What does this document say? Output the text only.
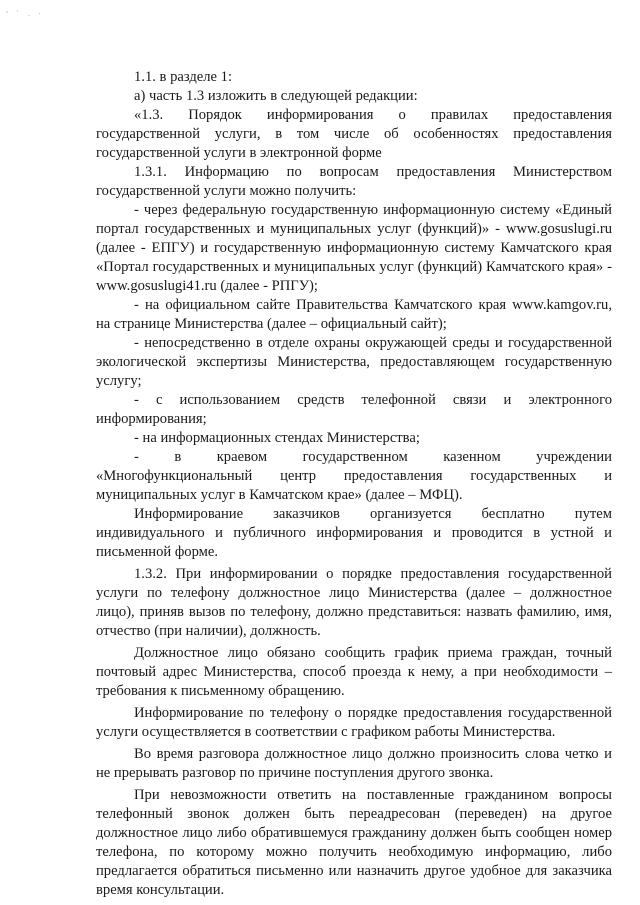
' ` . ·

1.1. в разделе 1:

а) часть 1.3 изложить в следующей редакции:

«1.3. Порядок информирования о правилах предоставления государственной услуги, в том числе об особенностях предоставления государственной услуги в электронной форме

1.3.1. Информацию по вопросам предоставления Министерством государственной услуги можно получить:

- через федеральную государственную информационную систему «Единый портал государственных и муниципальных услуг (функций)» - www.gosuslugi.ru (далее - ЕПГУ) и государственную информационную систему Камчатского края «Портал государственных и муниципальных услуг (функций) Камчатского края» - www.gosuslugi41.ru (далее - РПГУ);

- на официальном сайте Правительства Камчатского края www.kamgov.ru, на странице Министерства (далее – официальный сайт);

- непосредственно в отделе охраны окружающей среды и государственной экологической экспертизы Министерства, предоставляющем государственную услугу;

- с использованием средств телефонной связи и электронного информирования;

- на информационных стендах Министерства;

- в краевом государственном казенном учреждении «Многофункциональный центр предоставления государственных и муниципальных услуг в Камчатском крае» (далее – МФЦ).

Информирование заказчиков организуется бесплатно путем индивидуального и публичного информирования и проводится в устной и письменной форме.

1.3.2. При информировании о порядке предоставления государственной услуги по телефону должностное лицо Министерства (далее – должностное лицо), приняв вызов по телефону, должно представиться: назвать фамилию, имя, отчество (при наличии), должность.

Должностное лицо обязано сообщить график приема граждан, точный почтовый адрес Министерства, способ проезда к нему, а при необходимости – требования к письменному обращению.

Информирование по телефону о порядке предоставления государственной услуги осуществляется в соответствии с графиком работы Министерства.

Во время разговора должностное лицо должно произносить слова четко и не прерывать разговор по причине поступления другого звонка.

При невозможности ответить на поставленные гражданином вопросы телефонный звонок должен быть переадресован (переведен) на другое должностное лицо либо обратившемуся гражданину должен быть сообщен номер телефона, по которому можно получить необходимую информацию, либо предлагается обратиться письменно или назначить другое удобное для заказчика время консультации.
